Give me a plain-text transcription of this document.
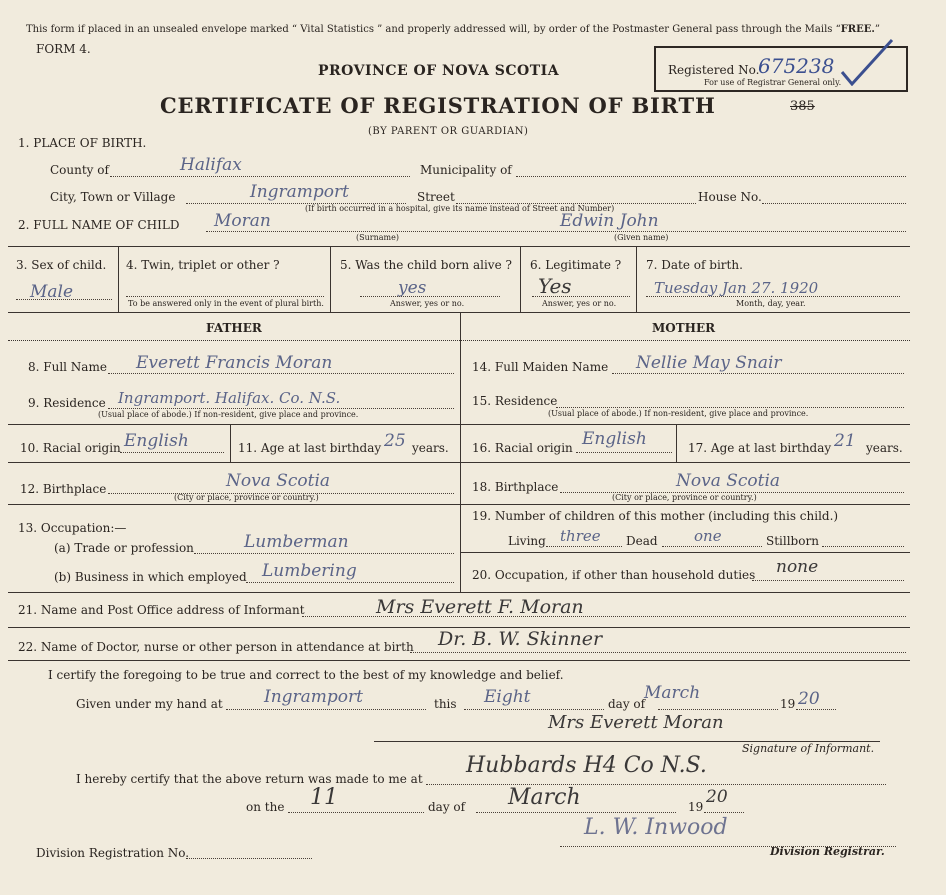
This form if placed in an unsealed envelope marked “ Vital Statistics ” and properly addressed will, by order of the Postmaster General pass through the Mails “FREE.”
FORM 4.
PROVINCE OF NOVA SCOTIA
CERTIFICATE OF REGISTRATION OF BIRTH
(BY PARENT OR GUARDIAN)
Registered No.
675238
For use of Registrar General only.
385
1. PLACE OF BIRTH.
County of	Halifax	Municipality of
City, Town or Village	Ingramport	Street	House No.
(If birth occurred in a hospital, give its name instead of Street and Number)
2. FULL NAME OF CHILD Moran	Edwin John
(Surname)	(Given name)
3. Sex of child.
Male
4. Twin, triplet or other ?
To be answered only in the event of plural birth.
5. Was the child born alive ?
yes
Answer, yes or no.
6. Legitimate ?
Yes
Answer, yes or no.
7. Date of birth.
Tuesday Jan 27. 1920
Month, day, year.
FATHER	MOTHER
8. Full Name Everett Francis Moran	14. Full Maiden Name Nellie May Snair
9. Residence Ingramport. Halifax. Co. N.S.
(Usual place of abode.) If non-resident, give place and province.
15. Residence
(Usual place of abode.) If non-resident, give place and province.
10. Racial origin English	11. Age at last birthday 25 years. 16. Racial origin English	17. Age at last birthday 21 years.
12. Birthplace	Nova Scotia
(City or place, province or country.)
18. Birthplace	Nova Scotia
(City or place, province or country.)
13. Occupation:—
(a) Trade or profession	Lumberman
(b) Business in which employed Lumbering
19. Number of children of this mother (including this child.)
Living three Dead one	Stillborn
20. Occupation, if other than household duties none
21. Name and Post Office address of Informant	Mrs Everett F. Moran
22. Name of Doctor, nurse or other person in attendance at birth Dr. B. W. Skinner
I certify the foregoing to be true and correct to the best of my knowledge and belief.
Given under my hand at Ingramport	this Eight	day of
March
19 20
Mrs Everett Moran
Signature of Informant.
I hereby certify that the above return was made to me at
Hubbards H4 Co N.S.
on the 11	day of March	19 20
L. W. Inwood
Division Registrar.
Division Registration No.
